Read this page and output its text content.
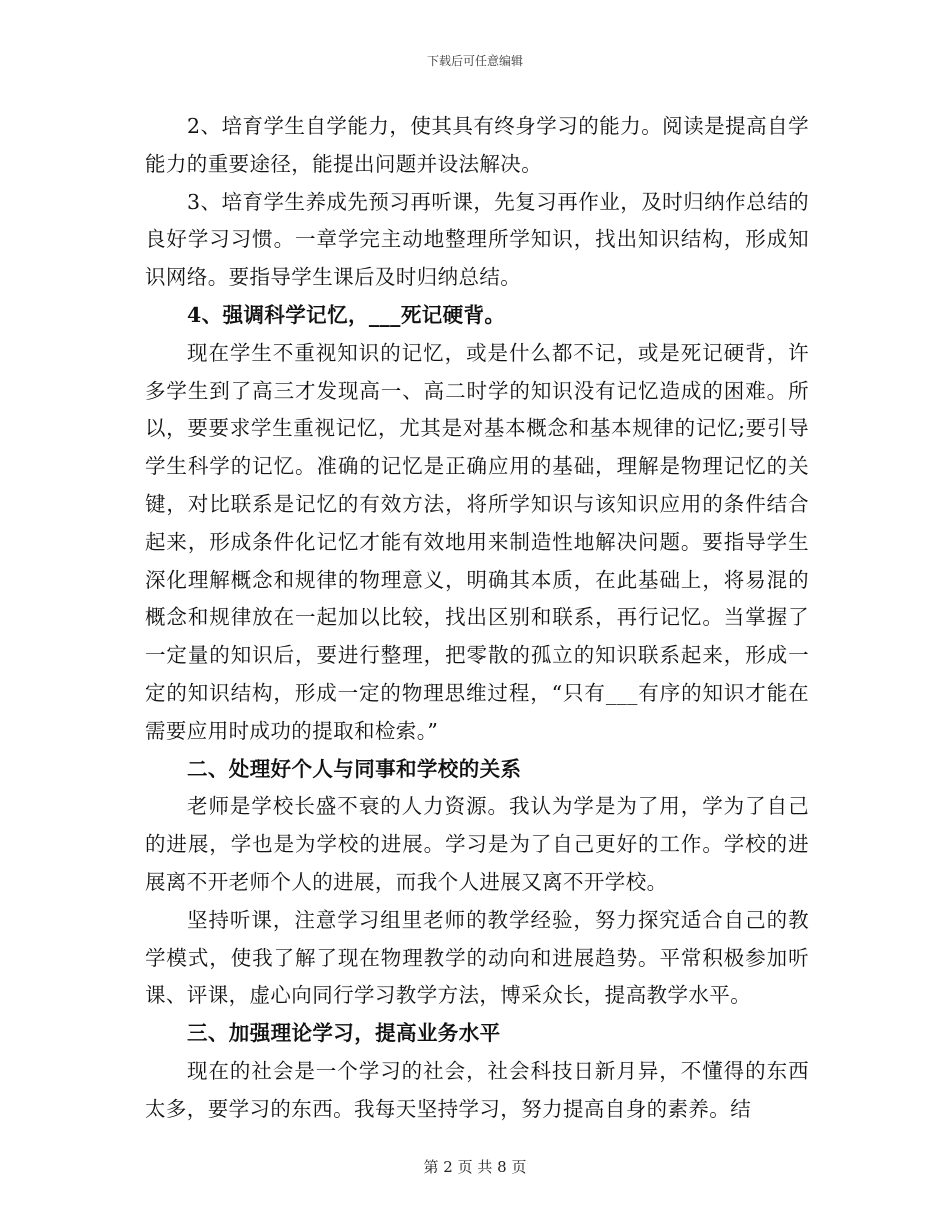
下载后可任意编辑

2、培育学生自学能力，使其具有终身学习的能力。阅读是提高自学能力的重要途径，能提出问题并设法解决。

3、培育学生养成先预习再听课，先复习再作业，及时归纳作总结的良好学习习惯。一章学完主动地整理所学知识，找出知识结构，形成知识网络。要指导学生课后及时归纳总结。

4、强调科学记忆，___死记硬背。

现在学生不重视知识的记忆，或是什么都不记，或是死记硬背，许多学生到了高三才发现高一、高二时学的知识没有记忆造成的困难。所以，要要求学生重视记忆，尤其是对基本概念和基本规律的记忆;要引导学生科学的记忆。准确的记忆是正确应用的基础，理解是物理记忆的关键，对比联系是记忆的有效方法，将所学知识与该知识应用的条件结合起来，形成条件化记忆才能有效地用来制造性地解决问题。要指导学生深化理解概念和规律的物理意义，明确其本质，在此基础上，将易混的概念和规律放在一起加以比较，找出区别和联系，再行记忆。当掌握了一定量的知识后，要进行整理，把零散的孤立的知识联系起来，形成一定的知识结构，形成一定的物理思维过程，“只有___有序的知识才能在需要应用时成功的提取和检索。”

二、处理好个人与同事和学校的关系

老师是学校长盛不衰的人力资源。我认为学是为了用，学为了自己的进展，学也是为学校的进展。学习是为了自己更好的工作。学校的进展离不开老师个人的进展，而我个人进展又离不开学校。

坚持听课，注意学习组里老师的教学经验，努力探究适合自己的教学模式，使我了解了现在物理教学的动向和进展趋势。平常积极参加听课、评课，虚心向同行学习教学方法，博采众长，提高教学水平。

三、加强理论学习，提高业务水平

现在的社会是一个学习的社会，社会科技日新月异，不懂得的东西太多，要学习的东西。我每天坚持学习，努力提高自身的素养。结

第 2 页 共 8 页
